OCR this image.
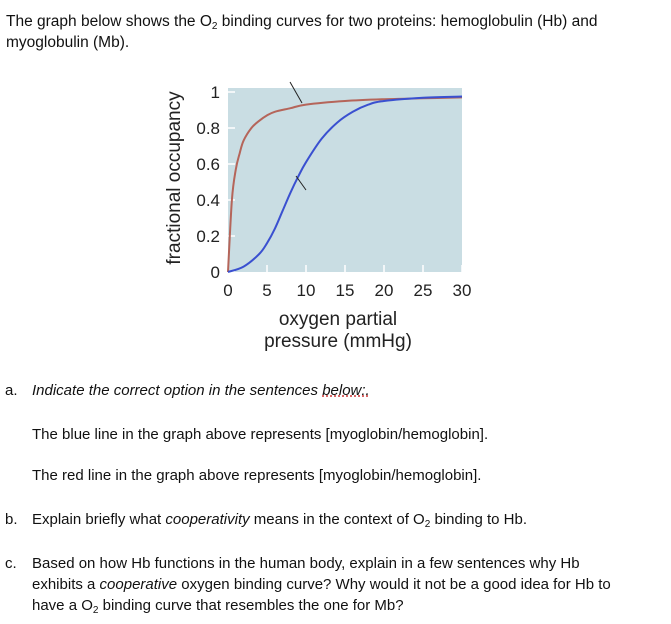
The graph below shows the $O_2$ binding curves for two proteins: hemoglobulin (Hb) and
myoglobulin (Mb).
0
0.2
0.4
0.6
0.8
1
0 5 10 15 20 25 30
fractional occupancy
oxygen partial
pressure (mmHg)
a. Indicate the correct option in the sentences below:.
The blue line in the graph above represents [myoglobin/hemoglobin].
The red line in the graph above represents [myoglobin/hemoglobin].
b. Explain briefly what cooperativity means in the context of $O_2$ binding to Hb.
c. Based on how Hb functions in the human body, explain in a few sentences why Hb
exhibits a cooperative oxygen binding curve? Why would it not be a good idea for Hb to
have a $O_2$ binding curve that resembles the one for Mb?
